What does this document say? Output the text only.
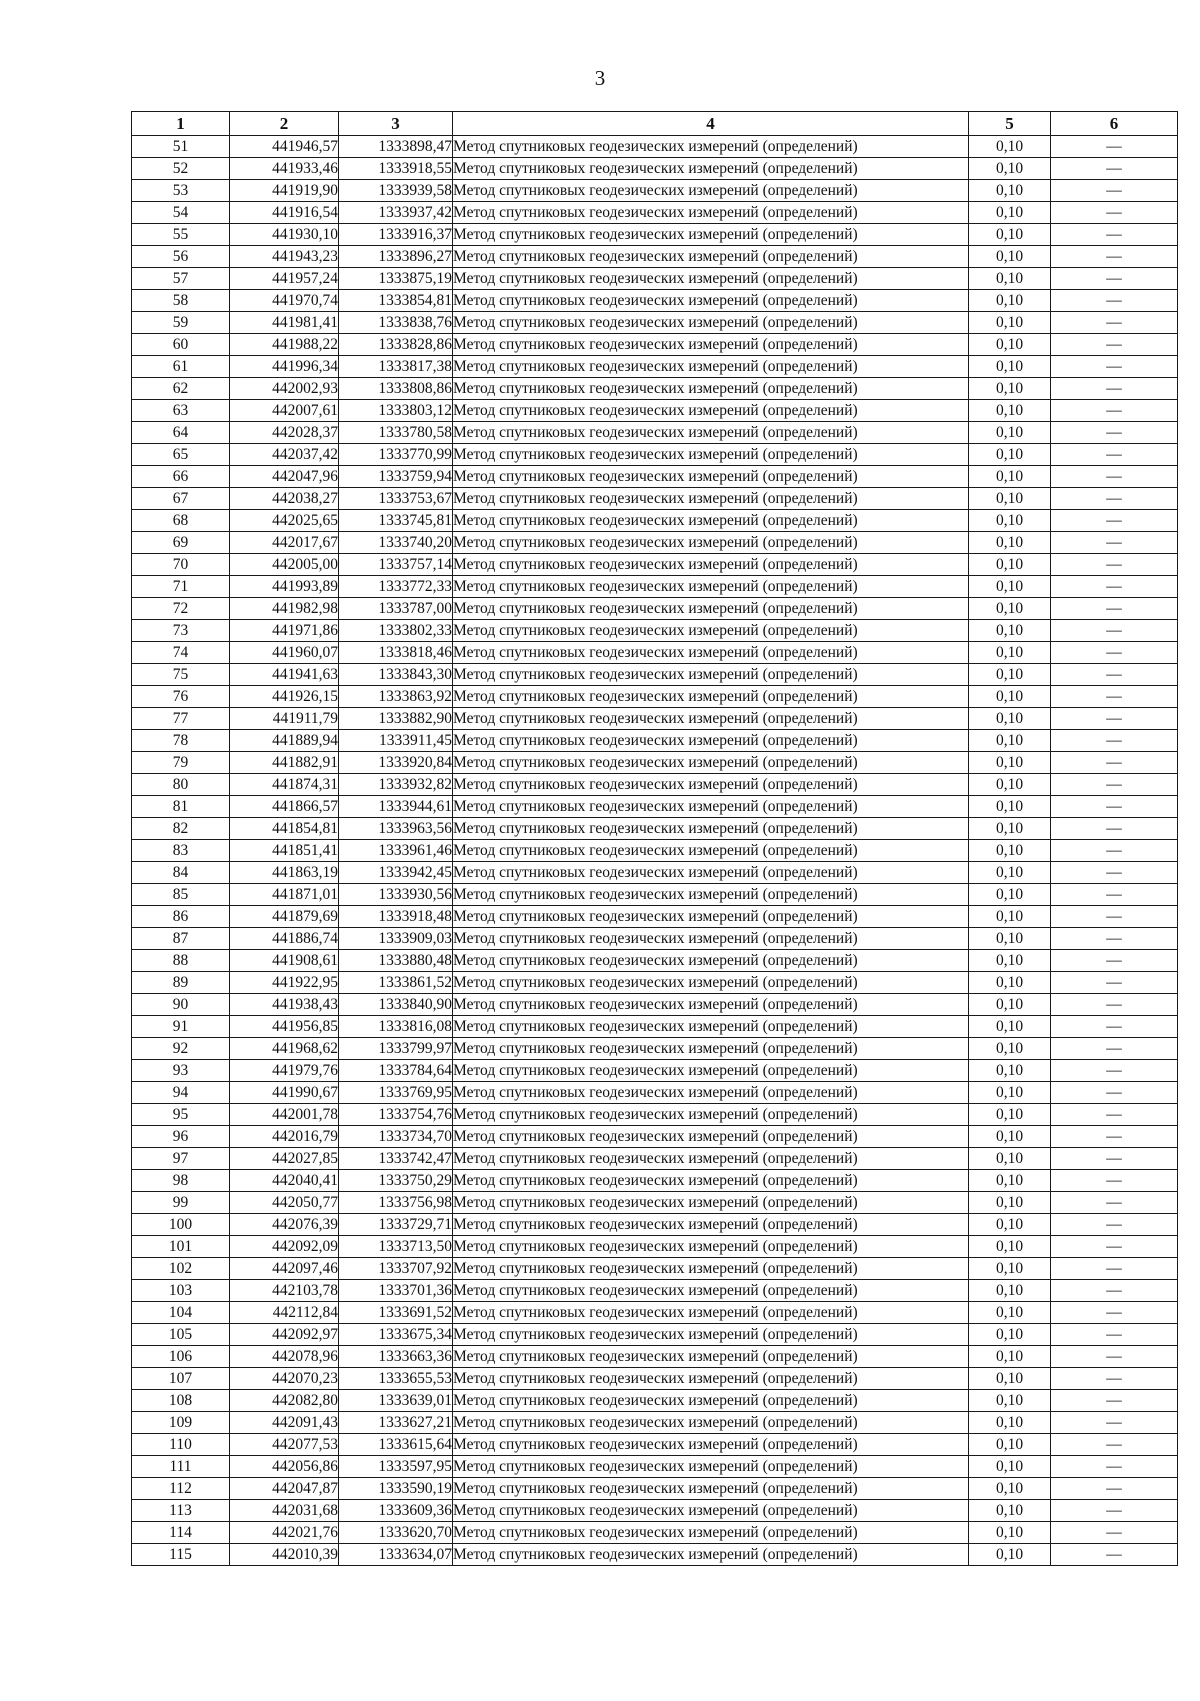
3
1	2	3	4	5	6
51	441946,57	1333898,47	Метод спутниковых геодезических измерений (определений)	0,10	—
52	441933,46	1333918,55	Метод спутниковых геодезических измерений (определений)	0,10	—
53	441919,90	1333939,58	Метод спутниковых геодезических измерений (определений)	0,10	—
54	441916,54	1333937,42	Метод спутниковых геодезических измерений (определений)	0,10	—
55	441930,10	1333916,37	Метод спутниковых геодезических измерений (определений)	0,10	—
56	441943,23	1333896,27	Метод спутниковых геодезических измерений (определений)	0,10	—
57	441957,24	1333875,19	Метод спутниковых геодезических измерений (определений)	0,10	—
58	441970,74	1333854,81	Метод спутниковых геодезических измерений (определений)	0,10	—
59	441981,41	1333838,76	Метод спутниковых геодезических измерений (определений)	0,10	—
60	441988,22	1333828,86	Метод спутниковых геодезических измерений (определений)	0,10	—
61	441996,34	1333817,38	Метод спутниковых геодезических измерений (определений)	0,10	—
62	442002,93	1333808,86	Метод спутниковых геодезических измерений (определений)	0,10	—
63	442007,61	1333803,12	Метод спутниковых геодезических измерений (определений)	0,10	—
64	442028,37	1333780,58	Метод спутниковых геодезических измерений (определений)	0,10	—
65	442037,42	1333770,99	Метод спутниковых геодезических измерений (определений)	0,10	—
66	442047,96	1333759,94	Метод спутниковых геодезических измерений (определений)	0,10	—
67	442038,27	1333753,67	Метод спутниковых геодезических измерений (определений)	0,10	—
68	442025,65	1333745,81	Метод спутниковых геодезических измерений (определений)	0,10	—
69	442017,67	1333740,20	Метод спутниковых геодезических измерений (определений)	0,10	—
70	442005,00	1333757,14	Метод спутниковых геодезических измерений (определений)	0,10	—
71	441993,89	1333772,33	Метод спутниковых геодезических измерений (определений)	0,10	—
72	441982,98	1333787,00	Метод спутниковых геодезических измерений (определений)	0,10	—
73	441971,86	1333802,33	Метод спутниковых геодезических измерений (определений)	0,10	—
74	441960,07	1333818,46	Метод спутниковых геодезических измерений (определений)	0,10	—
75	441941,63	1333843,30	Метод спутниковых геодезических измерений (определений)	0,10	—
76	441926,15	1333863,92	Метод спутниковых геодезических измерений (определений)	0,10	—
77	441911,79	1333882,90	Метод спутниковых геодезических измерений (определений)	0,10	—
78	441889,94	1333911,45	Метод спутниковых геодезических измерений (определений)	0,10	—
79	441882,91	1333920,84	Метод спутниковых геодезических измерений (определений)	0,10	—
80	441874,31	1333932,82	Метод спутниковых геодезических измерений (определений)	0,10	—
81	441866,57	1333944,61	Метод спутниковых геодезических измерений (определений)	0,10	—
82	441854,81	1333963,56	Метод спутниковых геодезических измерений (определений)	0,10	—
83	441851,41	1333961,46	Метод спутниковых геодезических измерений (определений)	0,10	—
84	441863,19	1333942,45	Метод спутниковых геодезических измерений (определений)	0,10	—
85	441871,01	1333930,56	Метод спутниковых геодезических измерений (определений)	0,10	—
86	441879,69	1333918,48	Метод спутниковых геодезических измерений (определений)	0,10	—
87	441886,74	1333909,03	Метод спутниковых геодезических измерений (определений)	0,10	—
88	441908,61	1333880,48	Метод спутниковых геодезических измерений (определений)	0,10	—
89	441922,95	1333861,52	Метод спутниковых геодезических измерений (определений)	0,10	—
90	441938,43	1333840,90	Метод спутниковых геодезических измерений (определений)	0,10	—
91	441956,85	1333816,08	Метод спутниковых геодезических измерений (определений)	0,10	—
92	441968,62	1333799,97	Метод спутниковых геодезических измерений (определений)	0,10	—
93	441979,76	1333784,64	Метод спутниковых геодезических измерений (определений)	0,10	—
94	441990,67	1333769,95	Метод спутниковых геодезических измерений (определений)	0,10	—
95	442001,78	1333754,76	Метод спутниковых геодезических измерений (определений)	0,10	—
96	442016,79	1333734,70	Метод спутниковых геодезических измерений (определений)	0,10	—
97	442027,85	1333742,47	Метод спутниковых геодезических измерений (определений)	0,10	—
98	442040,41	1333750,29	Метод спутниковых геодезических измерений (определений)	0,10	—
99	442050,77	1333756,98	Метод спутниковых геодезических измерений (определений)	0,10	—
100	442076,39	1333729,71	Метод спутниковых геодезических измерений (определений)	0,10	—
101	442092,09	1333713,50	Метод спутниковых геодезических измерений (определений)	0,10	—
102	442097,46	1333707,92	Метод спутниковых геодезических измерений (определений)	0,10	—
103	442103,78	1333701,36	Метод спутниковых геодезических измерений (определений)	0,10	—
104	442112,84	1333691,52	Метод спутниковых геодезических измерений (определений)	0,10	—
105	442092,97	1333675,34	Метод спутниковых геодезических измерений (определений)	0,10	—
106	442078,96	1333663,36	Метод спутниковых геодезических измерений (определений)	0,10	—
107	442070,23	1333655,53	Метод спутниковых геодезических измерений (определений)	0,10	—
108	442082,80	1333639,01	Метод спутниковых геодезических измерений (определений)	0,10	—
109	442091,43	1333627,21	Метод спутниковых геодезических измерений (определений)	0,10	—
110	442077,53	1333615,64	Метод спутниковых геодезических измерений (определений)	0,10	—
111	442056,86	1333597,95	Метод спутниковых геодезических измерений (определений)	0,10	—
112	442047,87	1333590,19	Метод спутниковых геодезических измерений (определений)	0,10	—
113	442031,68	1333609,36	Метод спутниковых геодезических измерений (определений)	0,10	—
114	442021,76	1333620,70	Метод спутниковых геодезических измерений (определений)	0,10	—
115	442010,39	1333634,07	Метод спутниковых геодезических измерений (определений)	0,10	—
